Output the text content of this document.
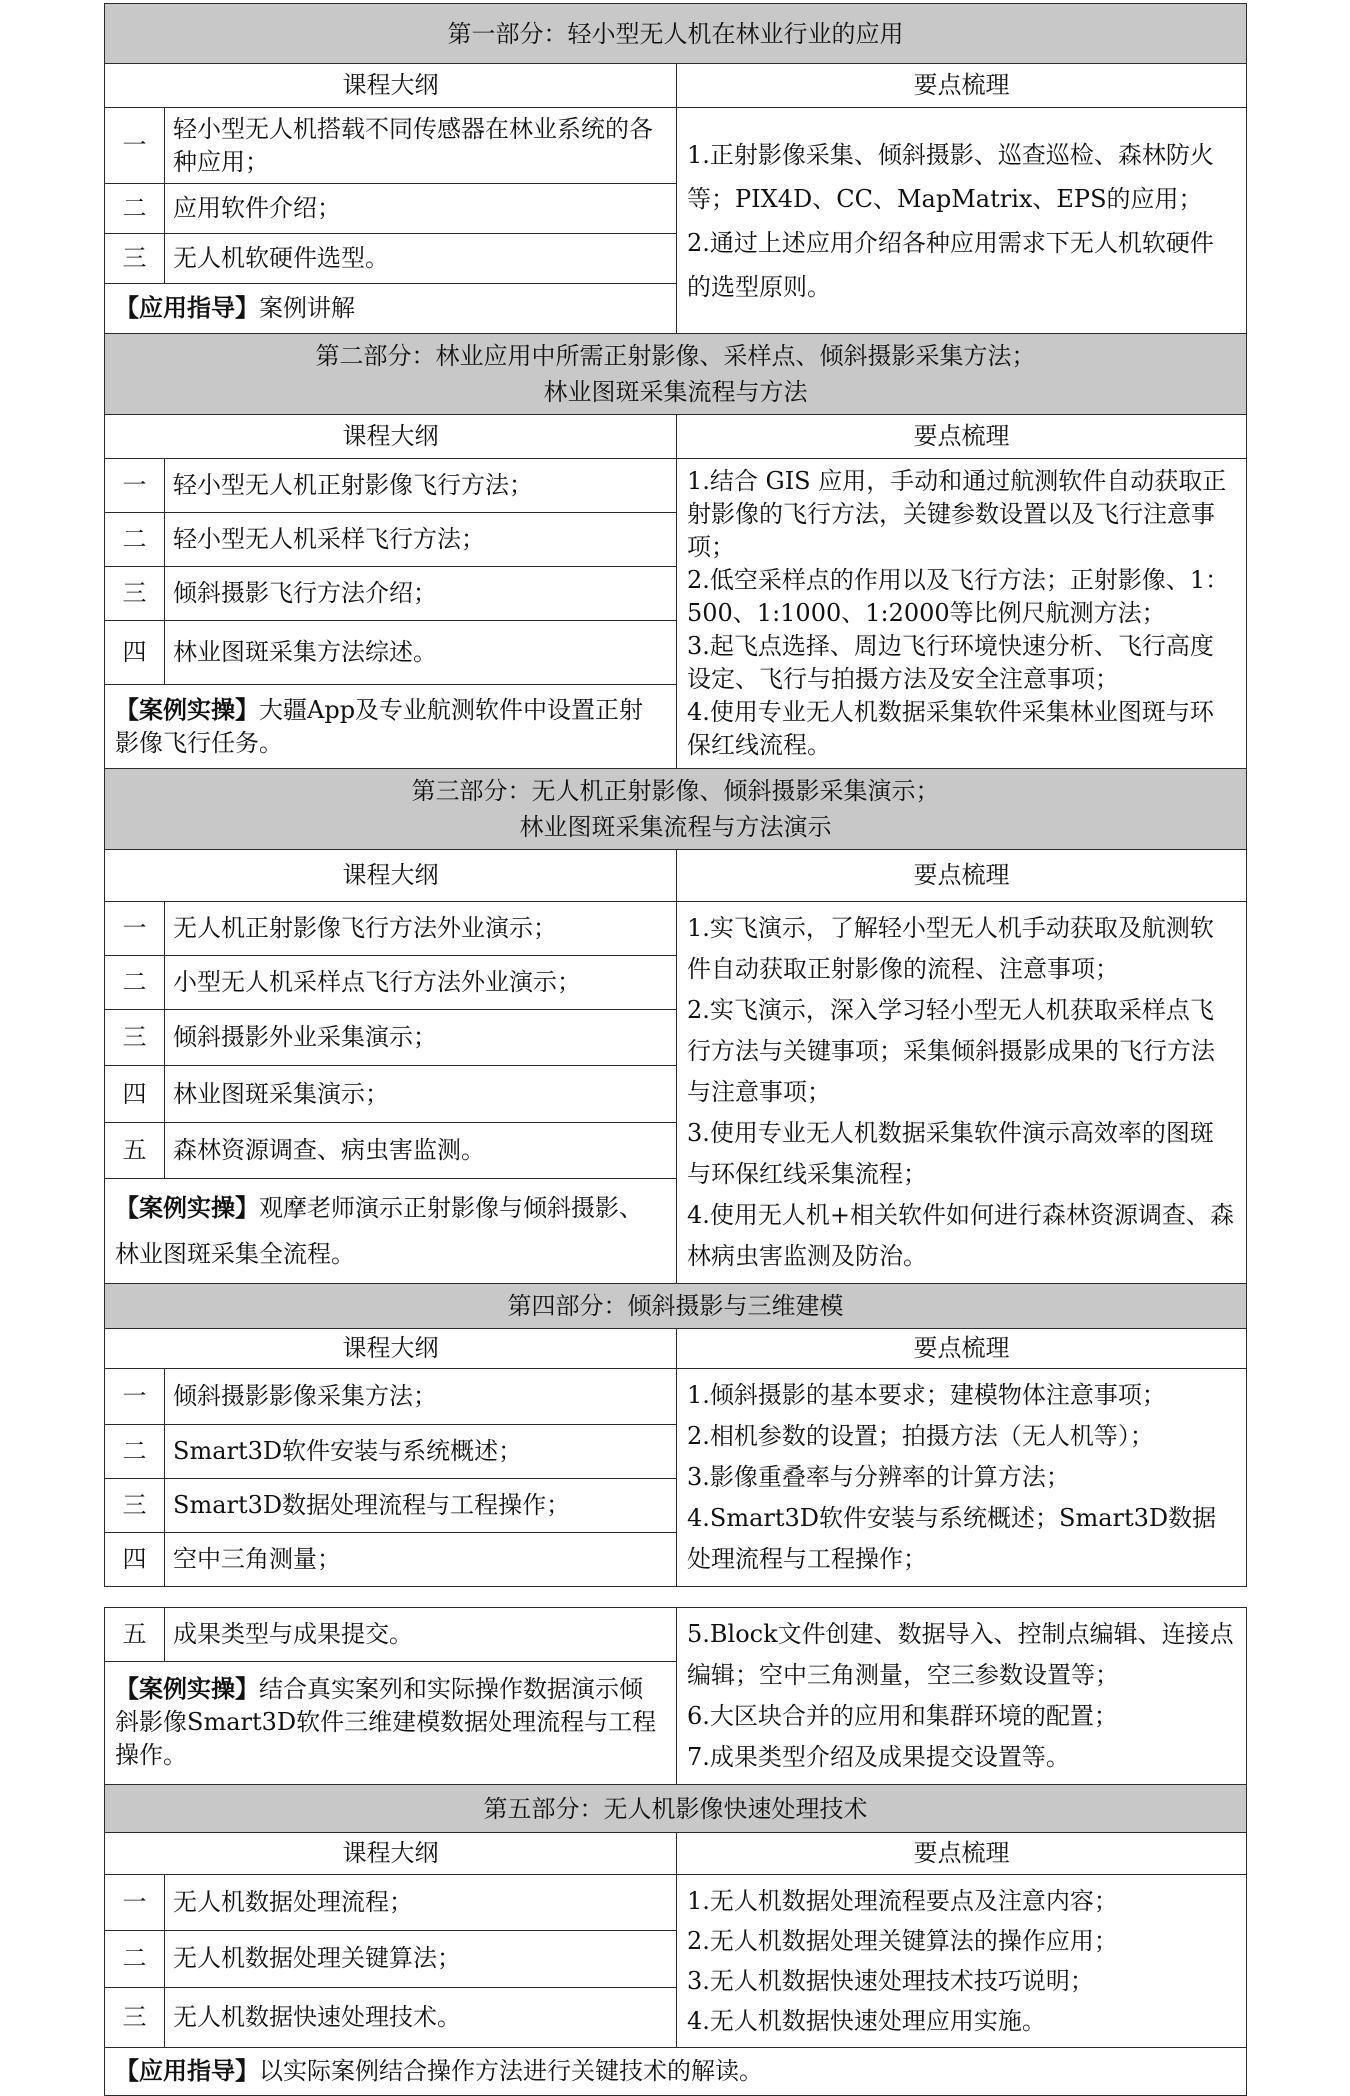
第一部分：轻小型无人机在林业行业的应用		
课程大纲		要点梳理
一	轻小型无人机搭载不同传感器在林业系统的各种应用；	1.正射影像采集、倾斜摄影、巡查巡检、森林防火等；PIX4D、CC、MapMatrix、EPS的应用；
2.通过上述应用介绍各种应用需求下无人机软硬件的选型原则。

二	应用软件介绍；	
三	无人机软硬件选型。	
【应用指导】案例讲解		

第二部分：林业应用中所需正射影像、采样点、倾斜摄影采集方法；
林业图斑采集流程与方法		

课程大纲		要点梳理
一	轻小型无人机正射影像飞行方法；	1.结合 GIS 应用，手动和通过航测软件自动获取正射影像的飞行方法，关键参数设置以及飞行注意事项；
2.低空采样点的作用以及飞行方法；正射影像、1：500、1:1000、1:2000等比例尺航测方法；
3.起飞点选择、周边飞行环境快速分析、飞行高度设定、飞行与拍摄方法及安全注意事项；
4.使用专业无人机数据采集软件采集林业图斑与环保红线流程。

二	轻小型无人机采样飞行方法；	
三	倾斜摄影飞行方法介绍；	
四	林业图斑采集方法综述。	
【案例实操】大疆App及专业航测软件中设置正射影像飞行任务。		

第三部分：无人机正射影像、倾斜摄影采集演示；
林业图斑采集流程与方法演示		

课程大纲		要点梳理
一	无人机正射影像飞行方法外业演示；	1.实飞演示，了解轻小型无人机手动获取及航测软件自动获取正射影像的流程、注意事项；
2.实飞演示，深入学习轻小型无人机获取采样点飞行方法与关键事项；采集倾斜摄影成果的飞行方法与注意事项；
3.使用专业无人机数据采集软件演示高效率的图斑与环保红线采集流程；
4.使用无人机+相关软件如何进行森林资源调查、森林病虫害监测及防治。

二	小型无人机采样点飞行方法外业演示；	
三	倾斜摄影外业采集演示；	
四	林业图斑采集演示；	
五	森林资源调查、病虫害监测。	
【案例实操】观摩老师演示正射影像与倾斜摄影、林业图斑采集全流程。		
第四部分：倾斜摄影与三维建模		
课程大纲		要点梳理
一	倾斜摄影影像采集方法；	1.倾斜摄影的基本要求；建模物体注意事项；
2.相机参数的设置；拍摄方法（无人机等）；
3.影像重叠率与分辨率的计算方法；
4.Smart3D软件安装与系统概述；Smart3D数据处理流程与工程操作；

二	Smart3D软件安装与系统概述；	
三	Smart3D数据处理流程与工程操作；	
四	空中三角测量；	
五	成果类型与成果提交。	5.Block文件创建、数据导入、控制点编辑、连接点编辑；空中三角测量，空三参数设置等；
6.大区块合并的应用和集群环境的配置；
7.成果类型介绍及成果提交设置等。

【案例实操】结合真实案列和实际操作数据演示倾斜影像Smart3D软件三维建模数据处理流程与工程操作。		
第五部分：无人机影像快速处理技术		
课程大纲		要点梳理
一	无人机数据处理流程；	1.无人机数据处理流程要点及注意内容；
2.无人机数据处理关键算法的操作应用；
3.无人机数据快速处理技术技巧说明；
4.无人机数据快速处理应用实施。

二	无人机数据处理关键算法；	
三	无人机数据快速处理技术。	
【应用指导】以实际案例结合操作方法进行关键技术的解读。		
